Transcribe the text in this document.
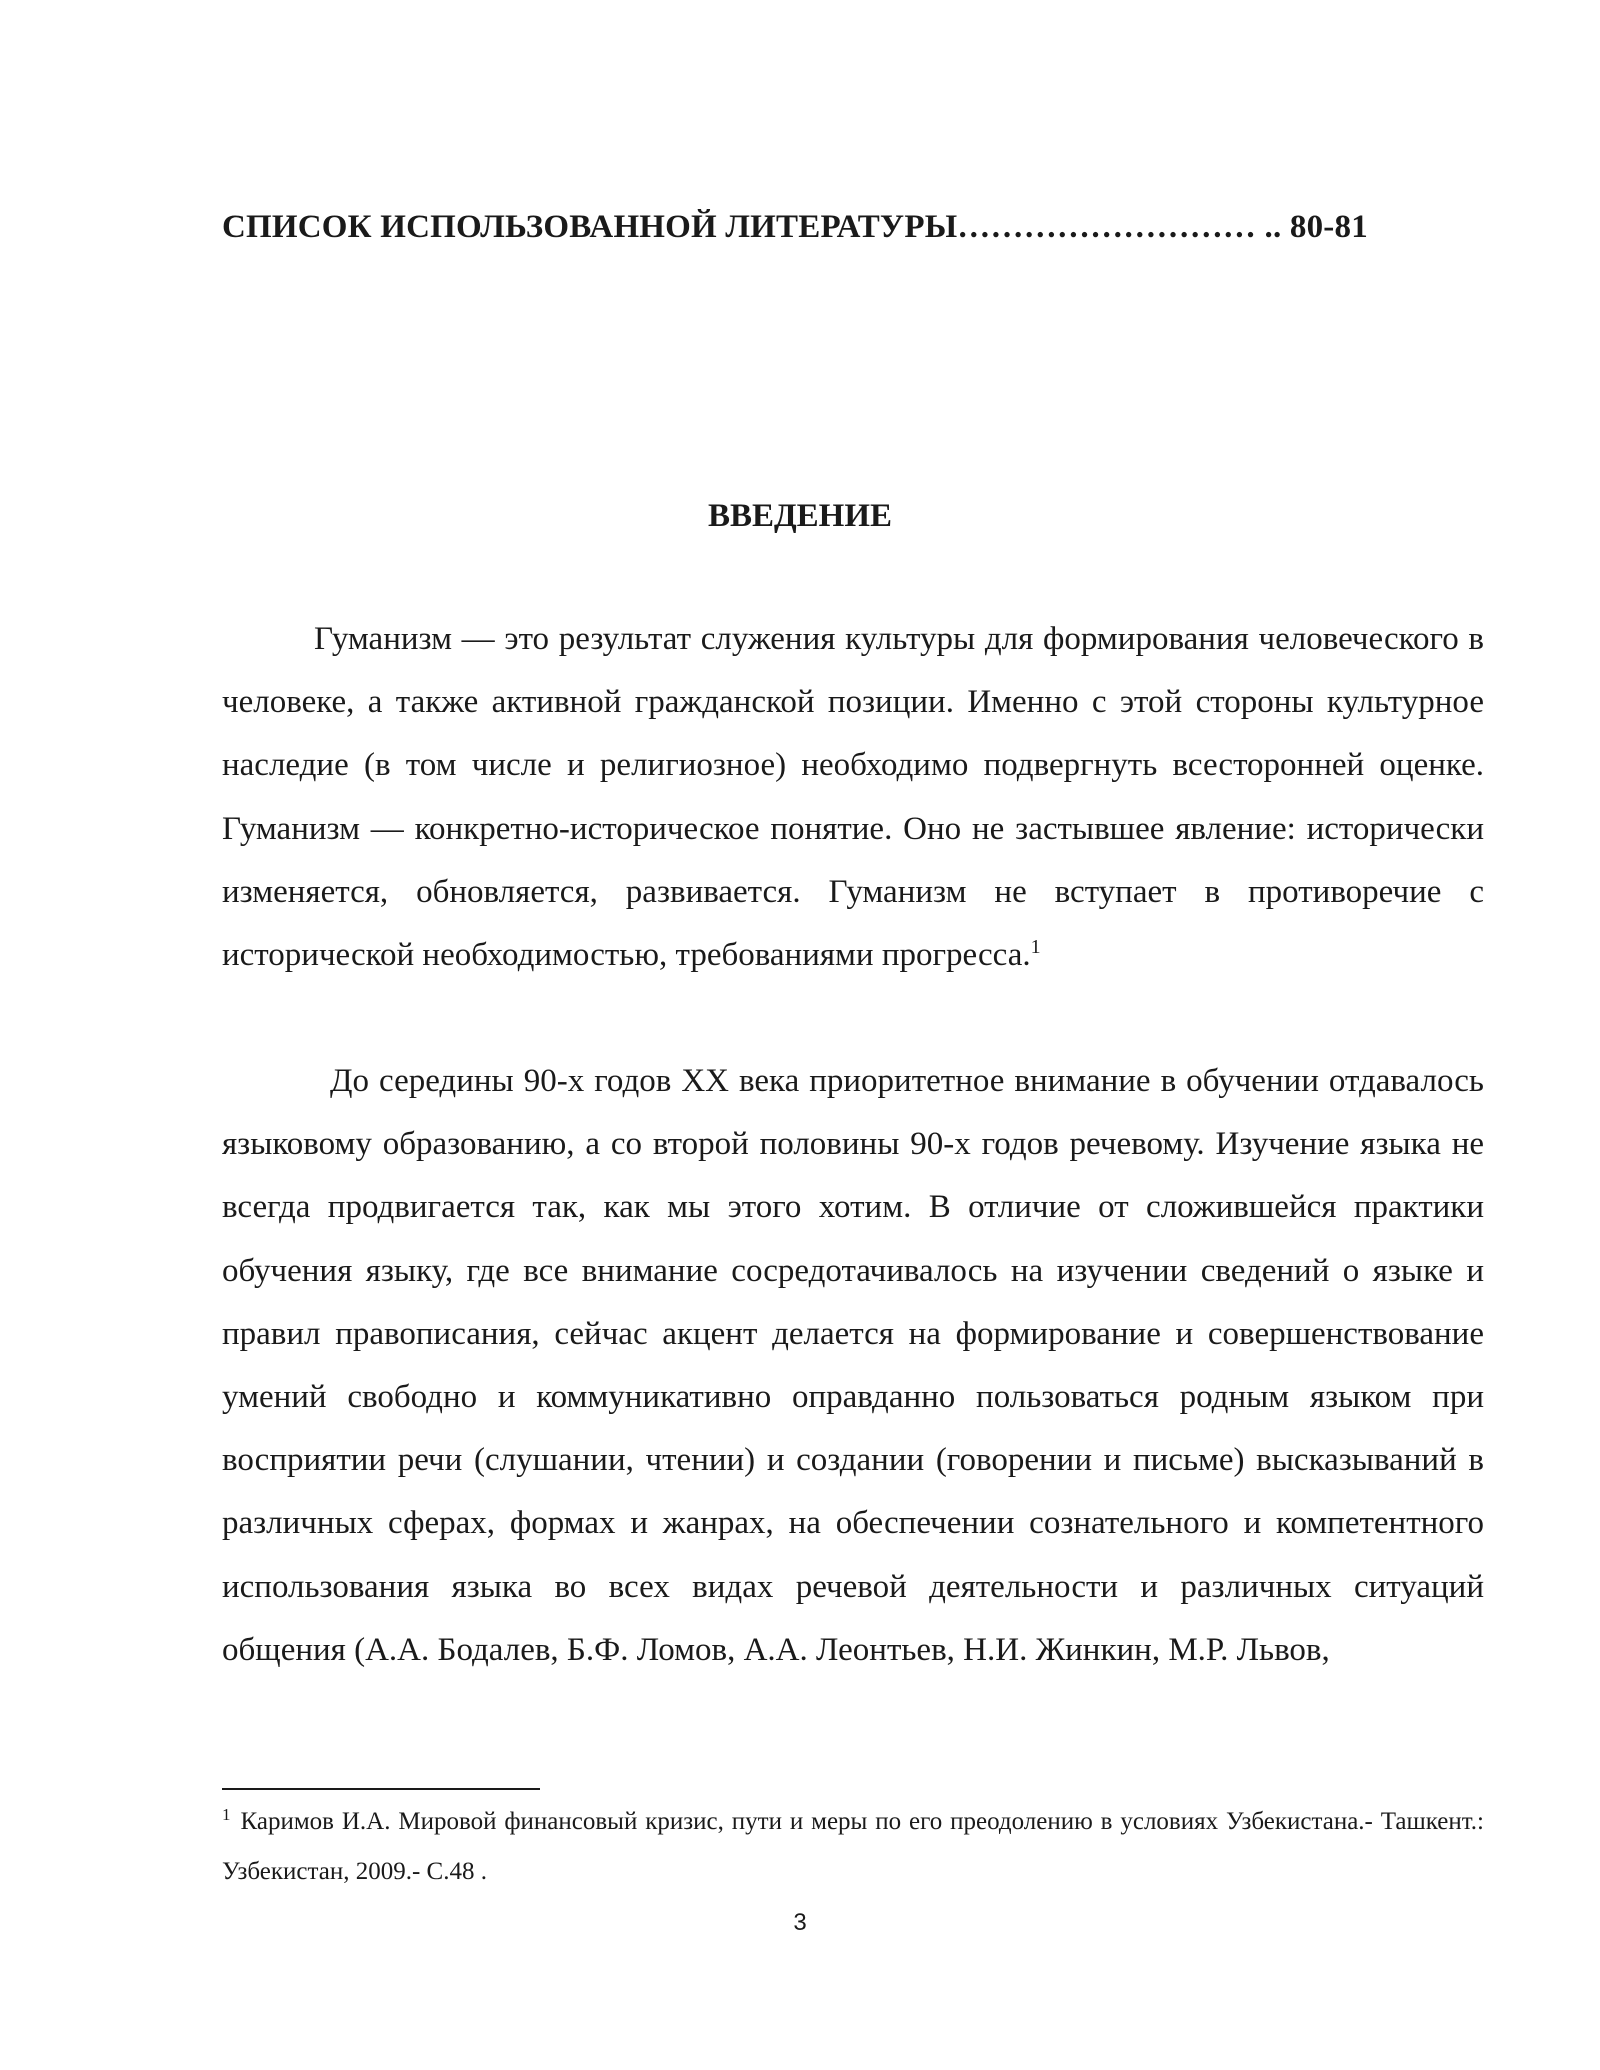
СПИСОК ИСПОЛЬЗОВАННОЙ ЛИТЕРАТУРЫ……………………… .. 80-81
ВВЕДЕНИЕ

Гуманизм — это результат служения культуры для формирования человеческого в человеке, а также активной гражданской позиции. Именно с этой стороны культурное наследие (в том числе и религиозное) необходимо подвергнуть всесторонней оценке. Гуманизм — конкретно-историческое понятие. Оно не застывшее явление: исторически изменяется, обновляется, развивается. Гуманизм не вступает в противоречие с исторической необходимостью, требованиями прогресса.$^1$

До середины 90-х годов XX века приоритетное внимание в обучении отдавалось языковому образованию, а со второй половины 90-х годов речевому. Изучение языка не всегда продвигается так, как мы этого хотим. В отличие от сложившейся практики обучения языку, где все внимание сосредотачивалось на изучении сведений о языке и правил правописания, сейчас акцент делается на формирование и совершенствование умений свободно и коммуникативно оправданно пользоваться родным языком при восприятии речи (слушании, чтении) и создании (говорении и письме) высказываний в различных сферах, формах и жанрах, на обеспечении сознательного и компетентного использования языка во всех видах речевой деятельности и различных ситуаций общения (А.А. Бодалев, Б.Ф. Ломов, А.А. Леонтьев, Н.И. Жинкин, М.Р. Львов,

$^1$ Каримов И.А. Мировой финансовый кризис, пути и меры по его преодолению в условиях Узбекистана.- Ташкент.: Узбекистан, 2009.- С.48 .

3
